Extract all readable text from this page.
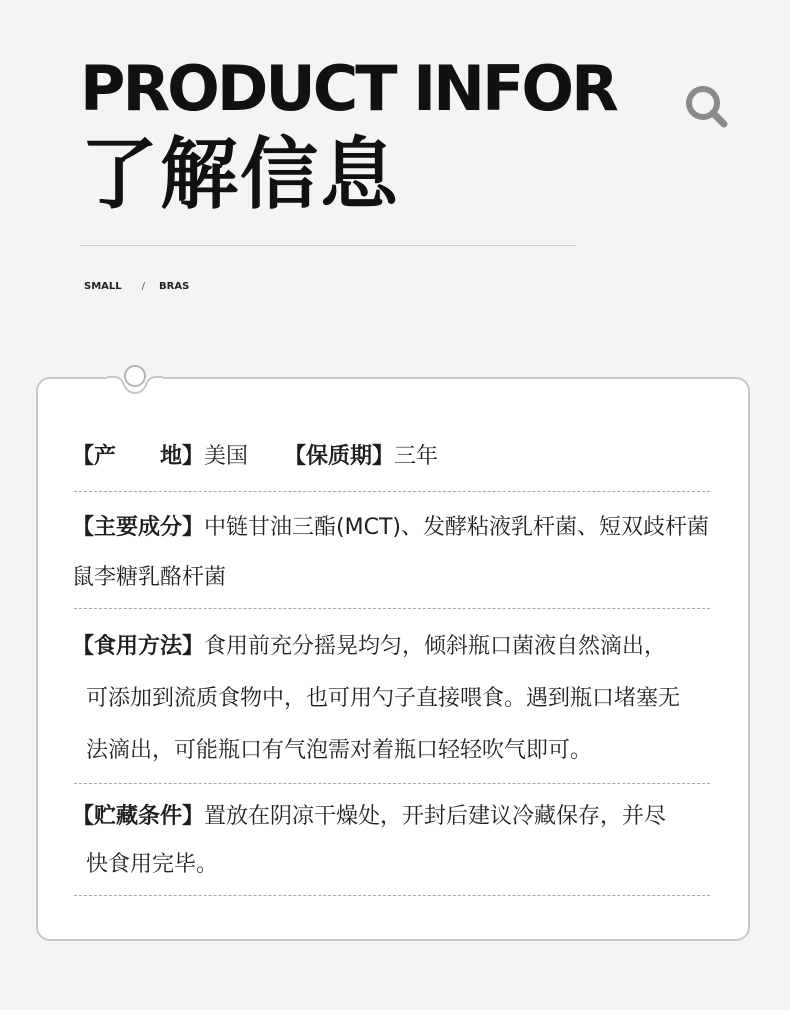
PRODUCT INFOR
了解信息
SMALL / BRAS
【产　　地】美国 【保质期】三年
【主要成分】中链甘油三酯(MCT)、发酵粘液乳杆菌、短双歧杆菌
鼠李糖乳酪杆菌
【食用方法】食用前充分摇晃均匀，倾斜瓶口菌液自然滴出，
可添加到流质食物中，也可用勺子直接喂食。遇到瓶口堵塞无
法滴出，可能瓶口有气泡需对着瓶口轻轻吹气即可。
【贮藏条件】置放在阴凉干燥处，开封后建议冷藏保存，并尽
快食用完毕。
